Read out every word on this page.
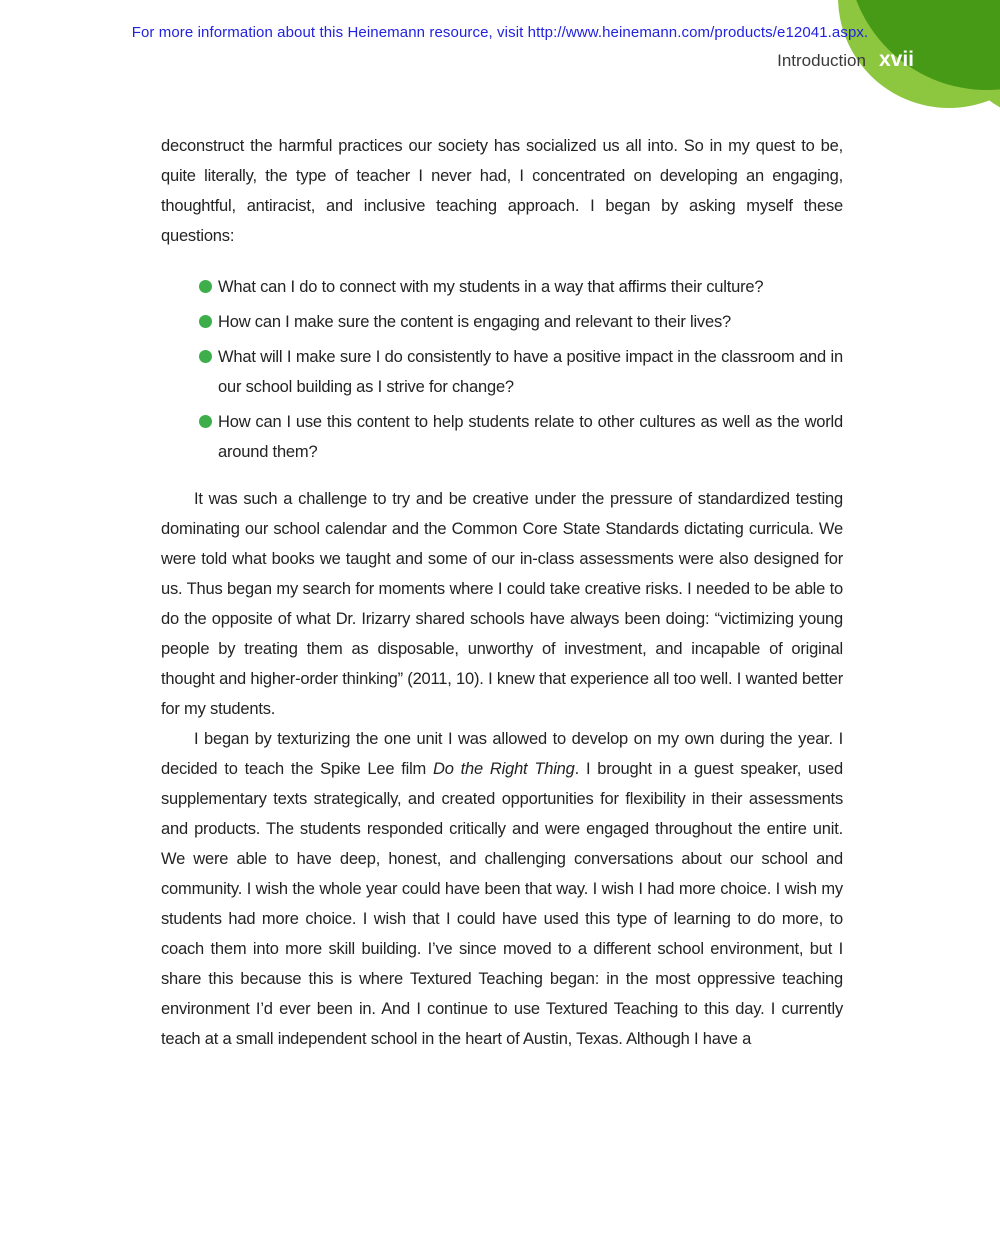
For more information about this Heinemann resource, visit http://www.heinemann.com/products/e12041.aspx.
Introduction xvii

deconstruct the harmful practices our society has socialized us all into. So in my quest to be, quite literally, the type of teacher I never had, I concentrated on developing an engaging, thoughtful, antiracist, and inclusive teaching approach. I began by asking myself these questions:

What can I do to connect with my students in a way that affirms their culture?
How can I make sure the content is engaging and relevant to their lives?
What will I make sure I do consistently to have a positive impact in the classroom and in our school building as I strive for change?
How can I use this content to help students relate to other cultures as well as the world around them?

It was such a challenge to try and be creative under the pressure of standardized testing dominating our school calendar and the Common Core State Standards dictating curricula. We were told what books we taught and some of our in-class assessments were also designed for us. Thus began my search for moments where I could take creative risks. I needed to be able to do the opposite of what Dr. Irizarry shared schools have always been doing: “victimizing young people by treating them as disposable, unworthy of investment, and incapable of original thought and higher-order thinking” (2011, 10). I knew that experience all too well. I wanted better for my students.

I began by texturizing the one unit I was allowed to develop on my own during the year. I decided to teach the Spike Lee film Do the Right Thing. I brought in a guest speaker, used supplementary texts strategically, and created opportunities for flexibility in their assessments and products. The students responded critically and were engaged throughout the entire unit. We were able to have deep, honest, and challenging conversations about our school and community. I wish the whole year could have been that way. I wish I had more choice. I wish my students had more choice. I wish that I could have used this type of learning to do more, to coach them into more skill building. I’ve since moved to a different school environment, but I share this because this is where Textured Teaching began: in the most oppressive teaching environment I’d ever been in. And I continue to use Textured Teaching to this day. I currently teach at a small independent school in the heart of Austin, Texas. Although I have a
